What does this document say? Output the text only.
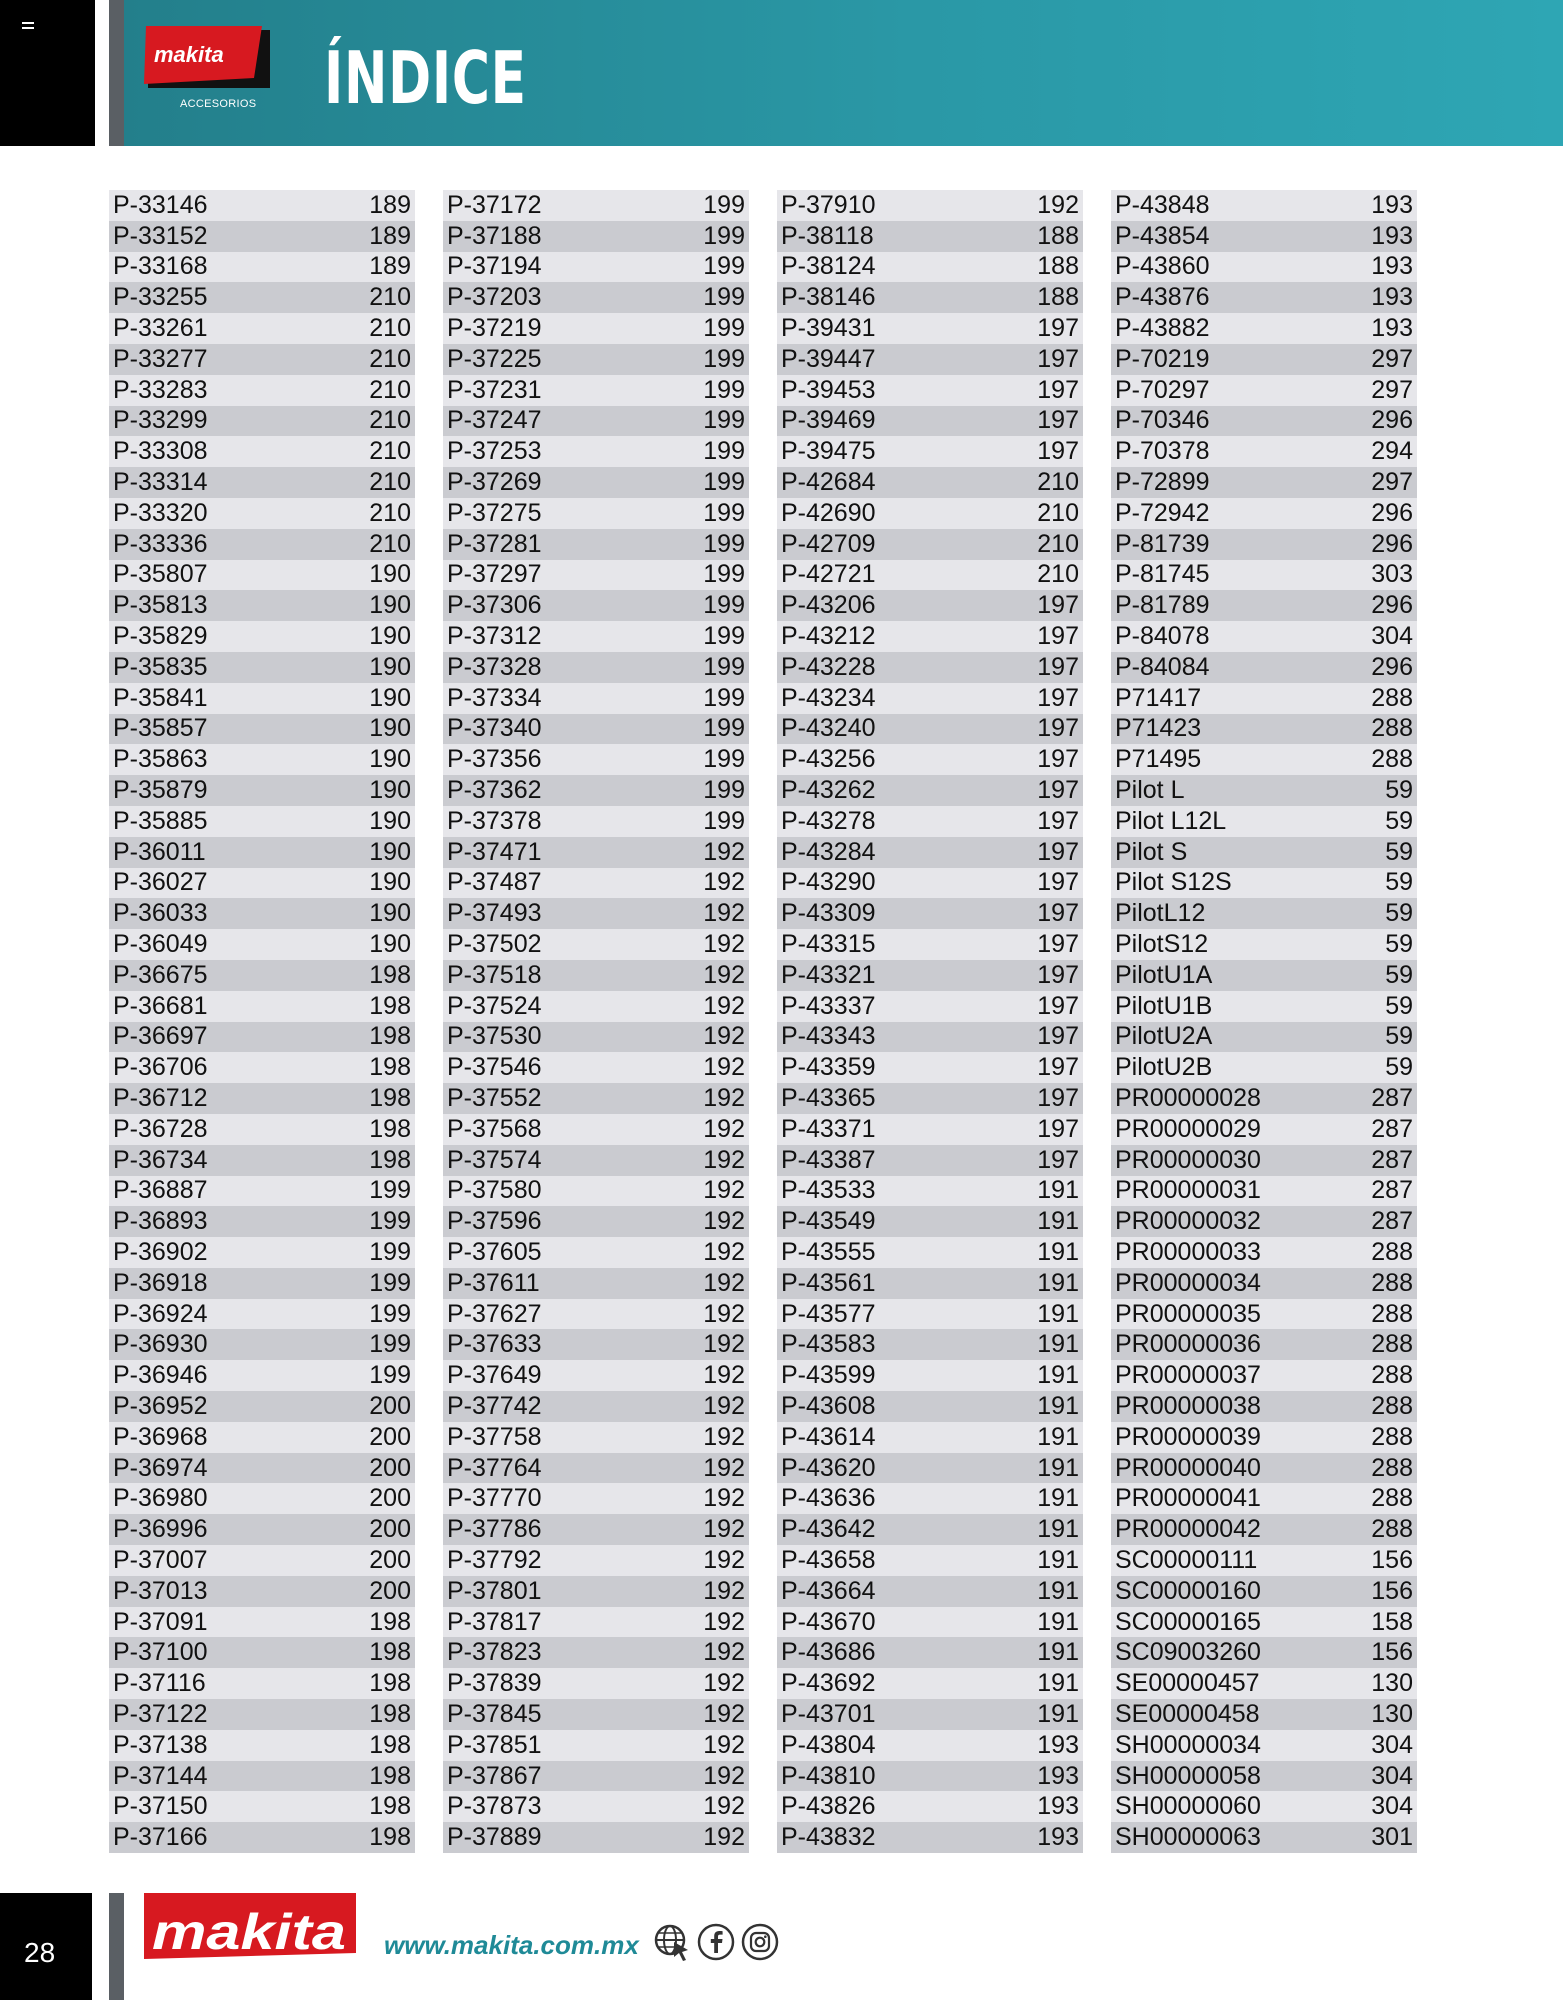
makita
ACCESORIOS ÍNDICE
P-33146	189
P-33152	189
P-33168	189
P-33255	210
P-33261	210
P-33277	210
P-33283	210
P-33299	210
P-33308	210
P-33314	210
P-33320	210
P-33336	210
P-35807	190
P-35813	190
P-35829	190
P-35835	190
P-35841	190
P-35857	190
P-35863	190
P-35879	190
P-35885	190
P-36011	190
P-36027	190
P-36033	190
P-36049	190
P-36675	198
P-36681	198
P-36697	198
P-36706	198
P-36712	198
P-36728	198
P-36734	198
P-36887	199
P-36893	199
P-36902	199
P-36918	199
P-36924	199
P-36930	199
P-36946	199
P-36952	200
P-36968	200
P-36974	200
P-36980	200
P-36996	200
P-37007	200
P-37013	200
P-37091	198
P-37100	198
P-37116	198
P-37122	198
P-37138	198
P-37144	198
P-37150	198
P-37166	198
P-37172	199
P-37188	199
P-37194	199
P-37203	199
P-37219	199
P-37225	199
P-37231	199
P-37247	199
P-37253	199
P-37269	199
P-37275	199
P-37281	199
P-37297	199
P-37306	199
P-37312	199
P-37328	199
P-37334	199
P-37340	199
P-37356	199
P-37362	199
P-37378	199
P-37471	192
P-37487	192
P-37493	192
P-37502	192
P-37518	192
P-37524	192
P-37530	192
P-37546	192
P-37552	192
P-37568	192
P-37574	192
P-37580	192
P-37596	192
P-37605	192
P-37611	192
P-37627	192
P-37633	192
P-37649	192
P-37742	192
P-37758	192
P-37764	192
P-37770	192
P-37786	192
P-37792	192
P-37801	192
P-37817	192
P-37823	192
P-37839	192
P-37845	192
P-37851	192
P-37867	192
P-37873	192
P-37889	192
P-37910	192
P-38118	188
P-38124	188
P-38146	188
P-39431	197
P-39447	197
P-39453	197
P-39469	197
P-39475	197
P-42684	210
P-42690	210
P-42709	210
P-42721	210
P-43206	197
P-43212	197
P-43228	197
P-43234	197
P-43240	197
P-43256	197
P-43262	197
P-43278	197
P-43284	197
P-43290	197
P-43309	197
P-43315	197
P-43321	197
P-43337	197
P-43343	197
P-43359	197
P-43365	197
P-43371	197
P-43387	197
P-43533	191
P-43549	191
P-43555	191
P-43561	191
P-43577	191
P-43583	191
P-43599	191
P-43608	191
P-43614	191
P-43620	191
P-43636	191
P-43642	191
P-43658	191
P-43664	191
P-43670	191
P-43686	191
P-43692	191
P-43701	191
P-43804	193
P-43810	193
P-43826	193
P-43832	193
P-43848	193
P-43854	193
P-43860	193
P-43876	193
P-43882	193
P-70219	297
P-70297	297
P-70346	296
P-70378	294
P-72899	297
P-72942	296
P-81739	296
P-81745	303
P-81789	296
P-84078	304
P-84084	296
P71417	288
P71423	288
P71495	288
Pilot L	59
Pilot L12L	59
Pilot S	59
Pilot S12S	59
PilotL12	59
PilotS12	59
PilotU1A	59
PilotU1B	59
PilotU2A	59
PilotU2B	59
PR00000028	287
PR00000029	287
PR00000030	287
PR00000031	287
PR00000032	287
PR00000033	288
PR00000034	288
PR00000035	288
PR00000036	288
PR00000037	288
PR00000038	288
PR00000039	288
PR00000040	288
PR00000041	288
PR00000042	288
SC00000111	156
SC00000160	156
SC00000165	158
SC09003260	156
SE00000457	130
SE00000458	130
SH00000034	304
SH00000058	304
SH00000060	304
SH00000063	301
28 makita www.makita.com.mx
